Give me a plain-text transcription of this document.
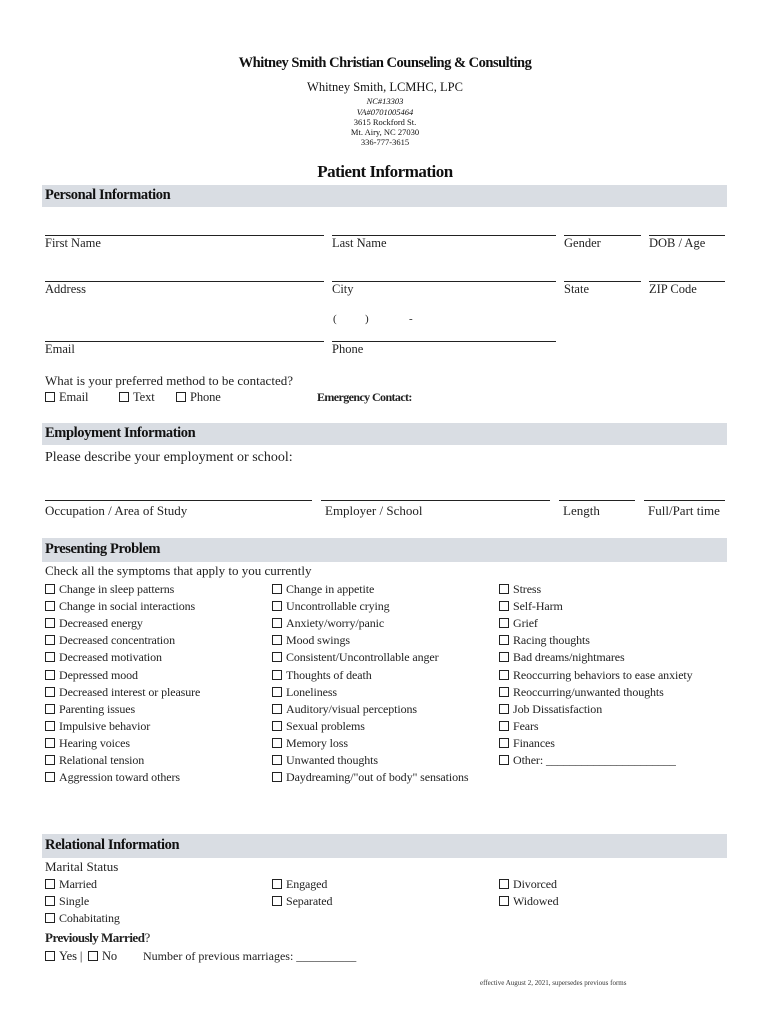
Whitney Smith Christian Counseling & Consulting
Whitney Smith, LCMHC, LPC
NC#13303
VA#0701005464
3615 Rockford St.
Mt. Airy, NC 27030
336-777-3615
Patient Information
Personal Information
First Name	Last Name	Gender	DOB / Age
Address	City	State	ZIP Code
(	)	-
Email	Phone
What is your preferred method to be contacted?
Email	Text	Phone	Emergency Contact:
Employment Information
Please describe your employment or school:
Occupation / Area of Study	Employer / School	Length	Full/Part time
Presenting Problem
Check all the symptoms that apply to you currently
Change in sleep patterns
Change in social interactions
Decreased energy
Decreased concentration
Decreased motivation
Depressed mood
Decreased interest or pleasure
Parenting issues
Impulsive behavior
Hearing voices
Relational tension
Aggression toward others
Change in appetite
Uncontrollable crying
Anxiety/worry/panic
Mood swings
Consistent/Uncontrollable anger
Thoughts of death
Loneliness
Auditory/visual perceptions
Sexual problems
Memory loss
Unwanted thoughts
Daydreaming/"out of body" sensations
Stress
Self-Harm
Grief
Racing thoughts
Bad dreams/nightmares
Reoccurring behaviors to ease anxiety
Reoccurring/unwanted thoughts
Job Dissatisfaction
Fears
Finances
Other: ______________________
Relational Information
Marital Status
Married
Single
Cohabitating
Engaged
Separated
Divorced
Widowed
Previously Married?
Yes |	No Number of previous marriages: __________
effective August 2, 2021, supersedes previous forms
